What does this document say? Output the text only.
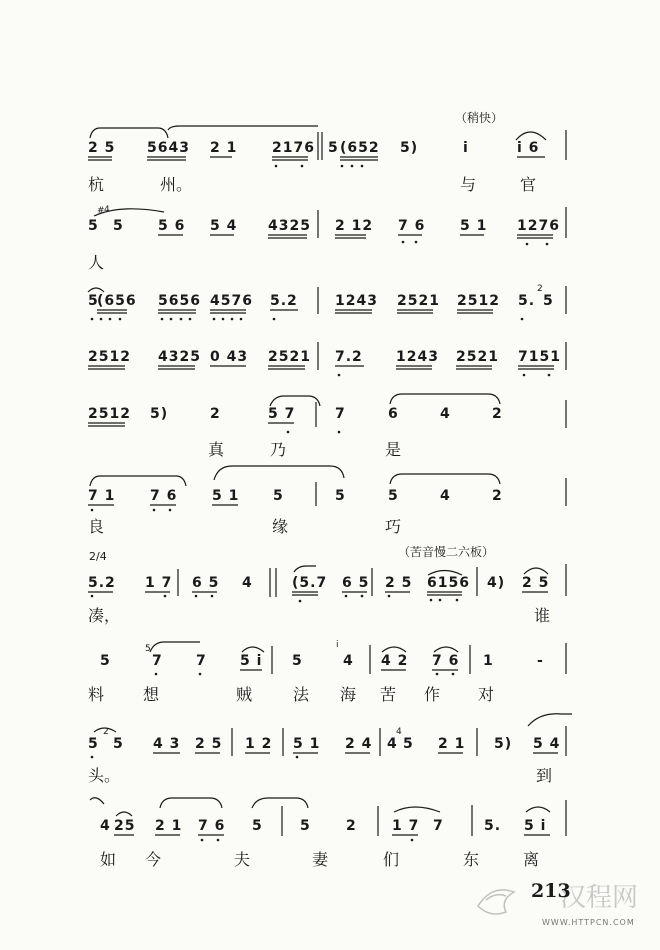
（稍快）
2/4	（苦音慢二六板）
2 5 5643 2 1 2176 5 (652 5)	i	i 6
杭	州。	与	官
# 4
5 5 5 6 5 4 4325 2 12 7 6 5 1 1276
人
5
(656 5656 4576 5.2	1243 2521 2512 5.
2
5
2512 4325 0 43 2521 7.2 1243 2521 7151
2512 5)	2	5 7	7	6	4	2
真	乃	是
7 1 7 6 5 1 5	5	5	4	2
良	缘	巧
5.2 1 7 6 5 4	(5.7 6 5 2 5 6156 4) 2 5
凑，	谁
5
5
7 7 5 i 5
i
4 4 2 7 6 1	-
料 想	贼	法 海 苦 作 对
5
2
5 4 3 2 5 1 2 5 1 2 4 4
4
5 2 1 5) 5 4
头。	到
4 25 2 1 7 6 5	5	2	1 7 7	5. 5 i
如 今	夫	妻	们	东	离
汉程网
213
WWW.HTTPCN.COM
